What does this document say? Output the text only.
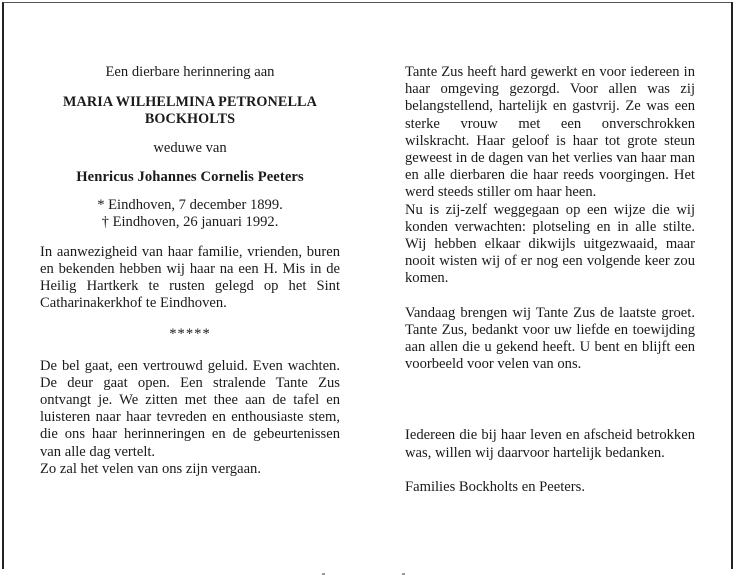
Een dierbare herinnering aan
MARIA WILHELMINA PETRONELLA
BOCKHOLTS
weduwe van
Henricus Johannes Cornelis Peeters
* Eindhoven, 7 december 1899.
† Eindhoven, 26 januari 1992.

In aanwezigheid van haar familie, vrienden, buren en bekenden hebben wij haar na een H. Mis in de Heilig Hartkerk te rusten gelegd op het Sint Catharinakerkhof te Eindhoven.

*****

De bel gaat, een vertrouwd geluid. Even wachten. De deur gaat open. Een stralende Tante Zus ontvangt je. We zitten met thee aan de tafel en luisteren naar haar tevreden en enthousiaste stem, die ons haar herinneringen en de gebeurtenissen van alle dag vertelt.

Zo zal het velen van ons zijn vergaan.

Tante Zus heeft hard gewerkt en voor iedereen in haar omgeving gezorgd. Voor allen was zij belangstellend, hartelijk en gastvrij. Ze was een sterke vrouw met een onverschrokken wilskracht. Haar geloof is haar tot grote steun geweest in de dagen van het verlies van haar man en alle dierbaren die haar reeds voorgingen. Het werd steeds stiller om haar heen.

Nu is zij-zelf weggegaan op een wijze die wij konden verwachten: plotseling en in alle stilte. Wij hebben elkaar dikwijls uitgezwaaid, maar nooit wisten wij of er nog een volgende keer zou komen.

Vandaag brengen wij Tante Zus de laatste groet. Tante Zus, bedankt voor uw liefde en toewijding aan allen die u gekend heeft. U bent en blijft een voorbeeld voor velen van ons.

Iedereen die bij haar leven en afscheid betrokken was, willen wij daarvoor hartelijk bedanken.

Families Bockholts en Peeters.
